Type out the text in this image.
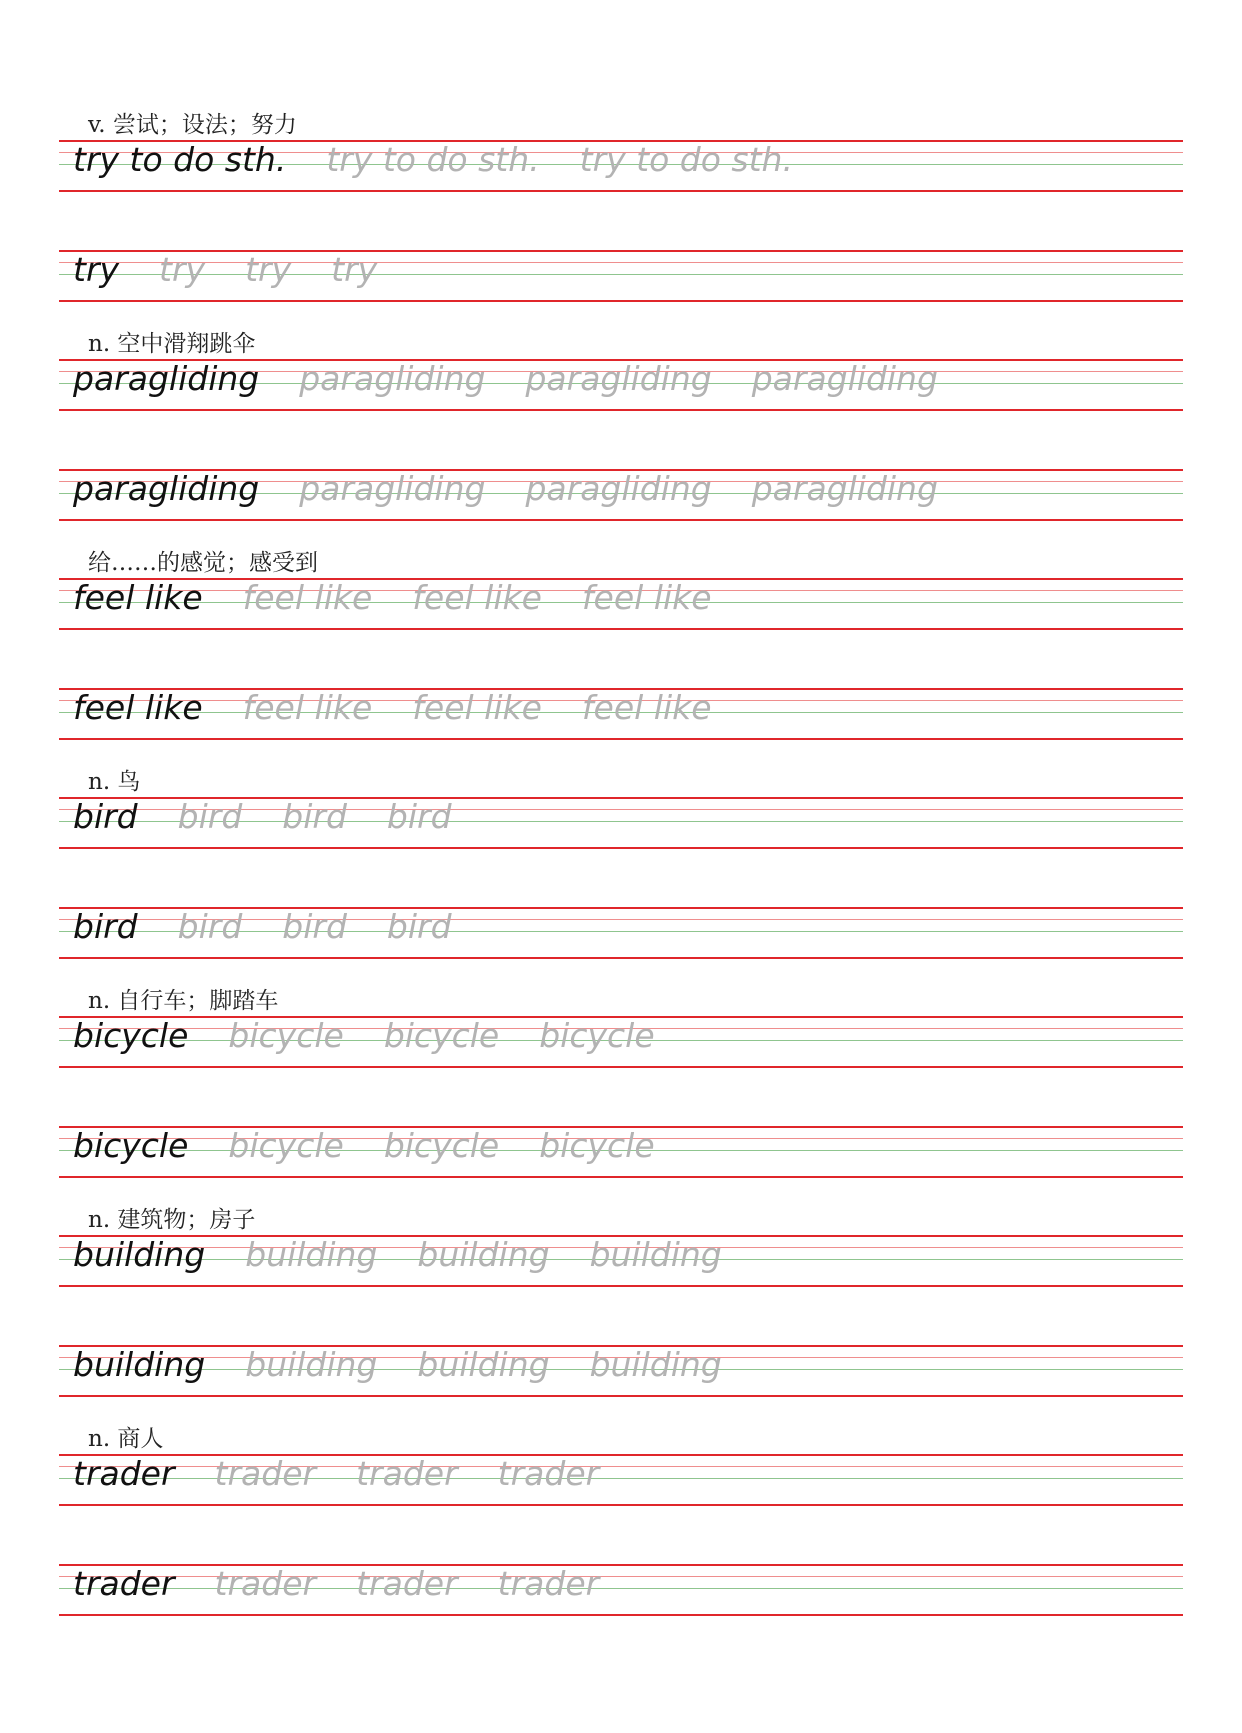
v. 尝试；设法；努力
try to do sth. try to do sth. try to do sth.
try try try try
n. 空中滑翔跳伞
paragliding paragliding paragliding paragliding
paragliding paragliding paragliding paragliding
给……的感觉；感受到
feel like feel like feel like feel like
feel like feel like feel like feel like
n. 鸟
bird bird bird bird
bird bird bird bird
n. 自行车；脚踏车
bicycle bicycle bicycle bicycle
bicycle bicycle bicycle bicycle
n. 建筑物；房子
building building building building
building building building building
n. 商人
trader trader trader trader
trader trader trader trader
